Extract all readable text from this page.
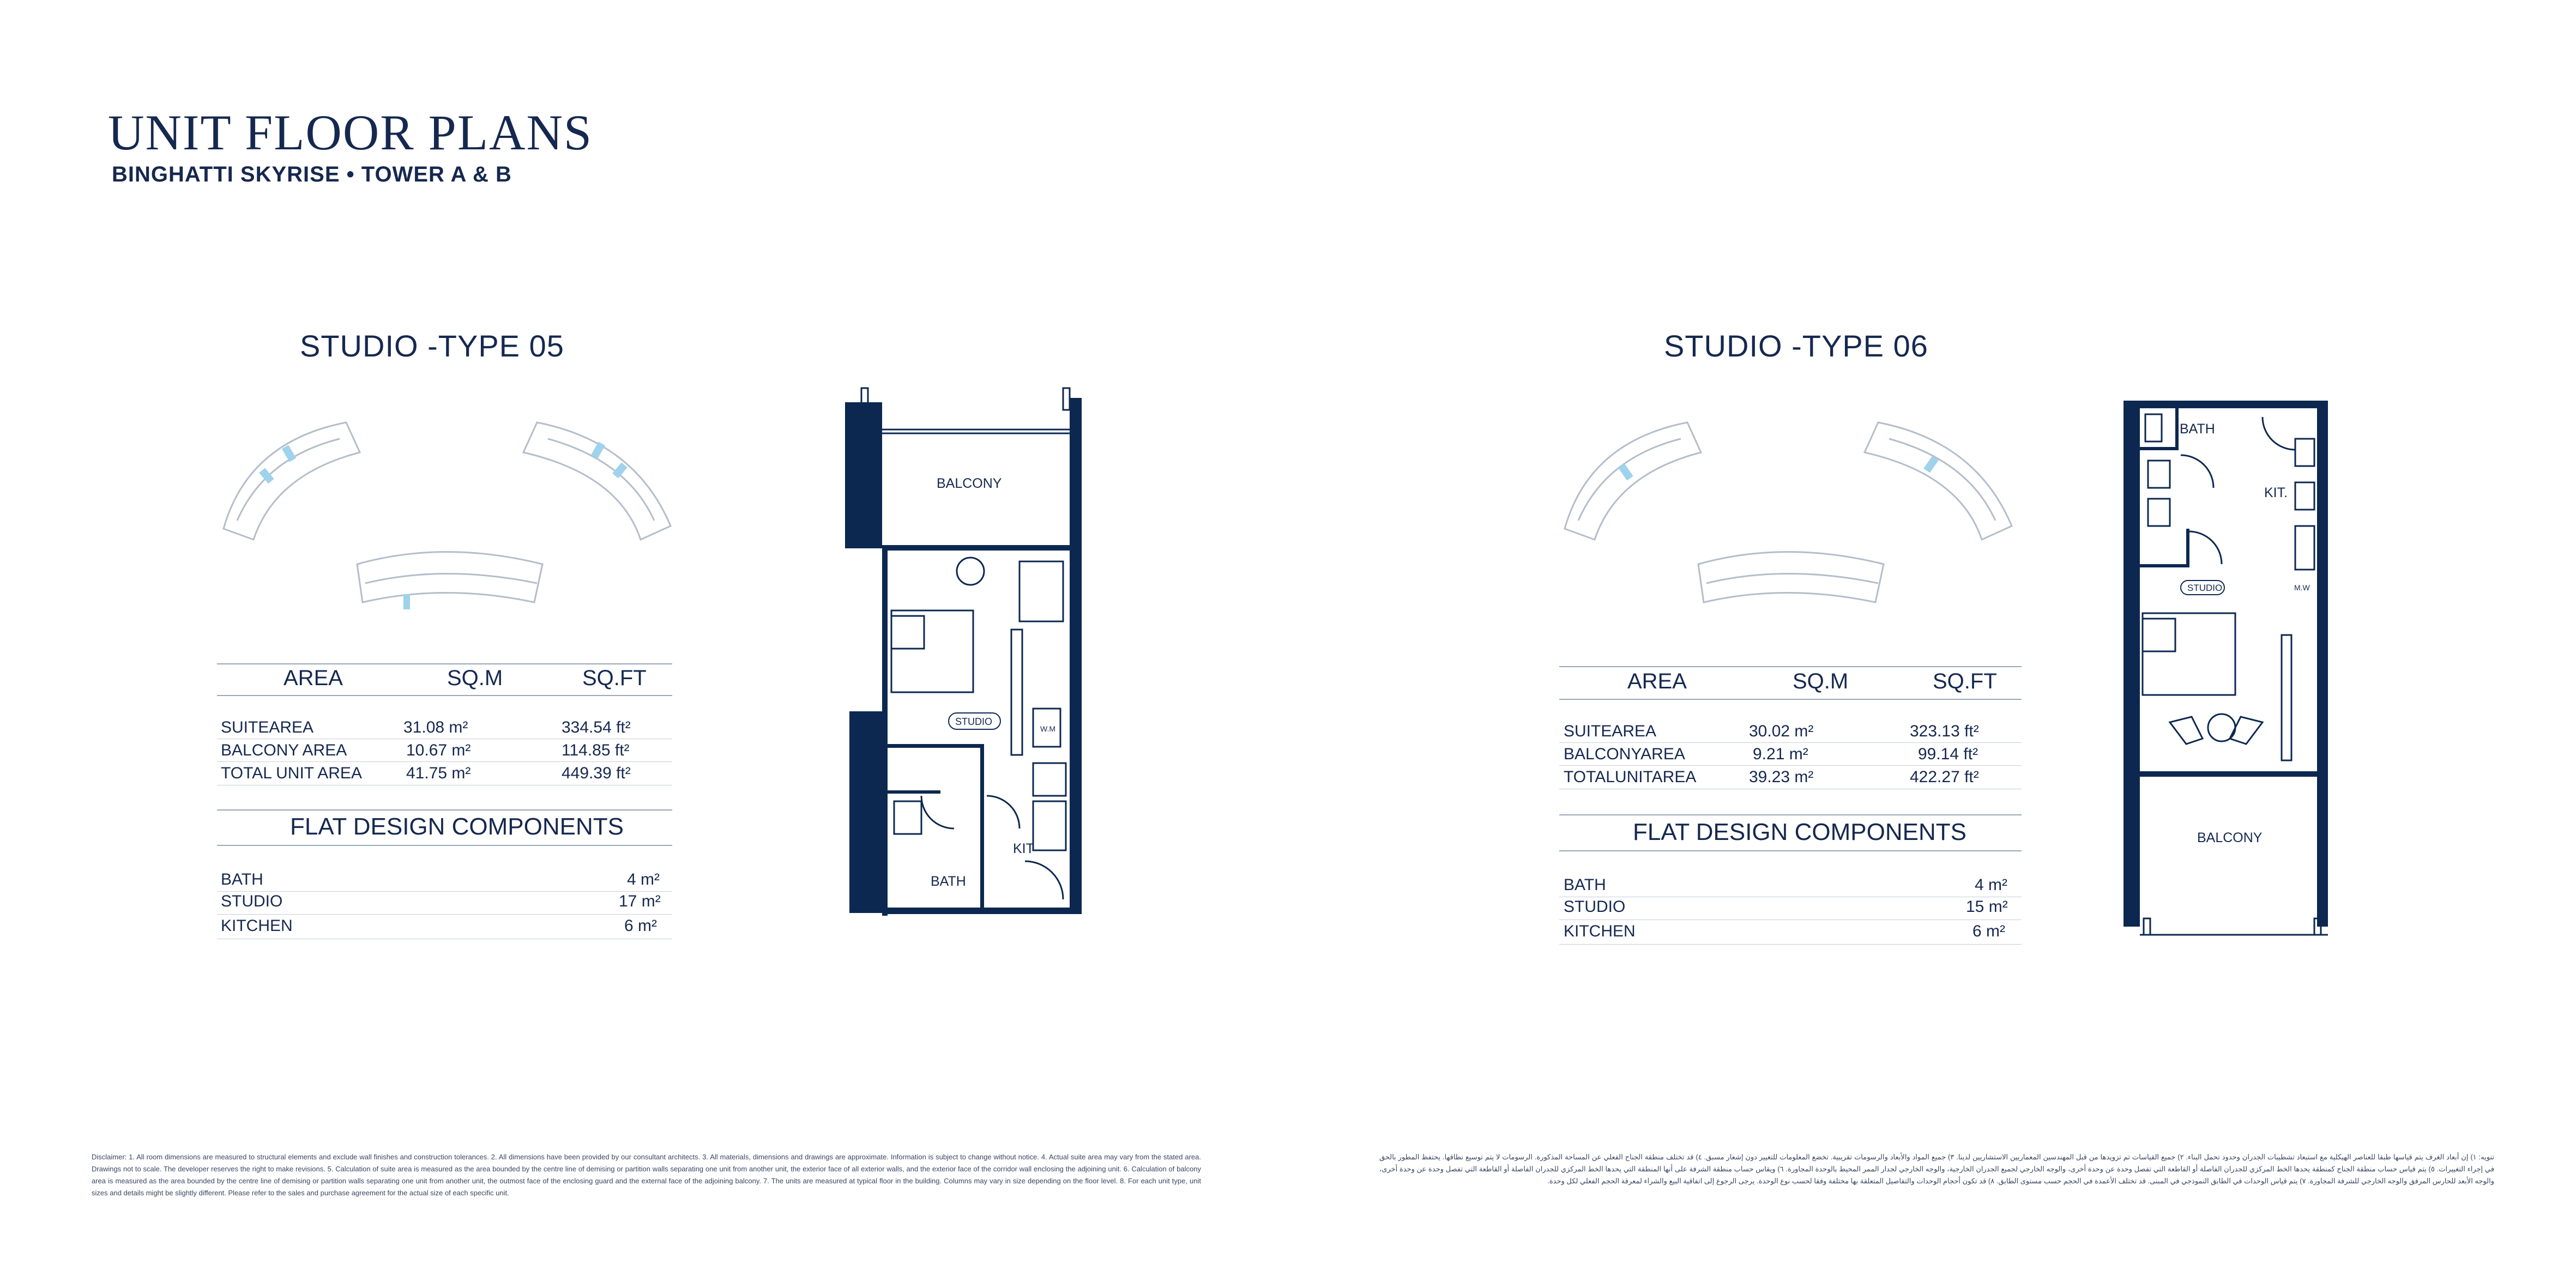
UNIT FLOOR PLANS
BINGHATTI SKYRISE • TOWER A & B
STUDIO -TYPE 05
AREA	SQ.M	SQ.FT
SUITEAREA	31.08 m²	334.54 ft²
BALCONY AREA	10.67 m²	114.85 ft²
TOTAL UNIT AREA	41.75 m²	449.39 ft²
FLAT DESIGN COMPONENTS
BATH	4 m²
STUDIO	17 m²
KITCHEN	6 m²
BALCONY
STUDIO
BATH
KIT
W.M
STUDIO -TYPE 06
AREA	SQ.M	SQ.FT
SUITEAREA	30.02 m²	323.13 ft²
BALCONYAREA	9.21 m²	99.14 ft²
TOTALUNITAREA	39.23 m²	422.27 ft²
FLAT DESIGN COMPONENTS
BATH	4 m²
STUDIO	15 m²
KITCHEN	6 m²
BALCONY
STUDIO
BATH
KIT.
M.W
Disclaimer: 1. All room dimensions are measured to structural elements and exclude wall finishes and construction tolerances. 2. All dimensions have been provided by our consultant architects. 3. All materials, dimensions and drawings are approximate. Information is subject to change without notice. 4. Actual suite area may vary from the stated area. Drawings not to scale. The developer reserves the right to make revisions. 5. Calculation of suite area is measured as the area bounded by the centre line of demising or partition walls separating one unit from another unit, the exterior face of all exterior walls, and the exterior face of the corridor wall enclosing the adjoining unit. 6. Calculation of balcony area is measured as the area bounded by the centre line of demising or partition walls separating one unit from another unit, the outmost face of the enclosing guard and the external face of the adjoining balcony. 7. The units are measured at typical floor in the building. Columns may vary in size depending on the floor level. 8. For each unit type, unit sizes and details might be slightly different. Please refer to the sales and purchase agreement for the actual size of each specific unit.
تنويه: ١) إن أبعاد الغرف يتم قياسها طبقا للعناصر الهيكلية مع استبعاد تشطيبات الجدران وحدود تحمل البناء. ٢) جميع القياسات تم تزويدها من قبل المهندسين المعماريين الاستشاريين لدينا. ٣) جميع المواد والأبعاد والرسومات تقريبية. تخضع المعلومات للتغيير دون إشعار مسبق. ٤) قد تختلف منطقة الجناح الفعلي عن المساحة المذكورة. الرسومات لا يتم توسيع نطاقها. يحتفظ المطور بالحق في إجراء التغييرات. ٥) يتم قياس حساب منطقة الجناح كمنطقة يحدها الخط المركزي للجدران الفاصلة أو القاطعة التي تفصل وحدة عن وحدة أخرى، والوجه الخارجي لجميع الجدران الخارجية، والوجه الخارجي لجدار الممر المحيط بالوحدة المجاورة. ٦) ويقاس حساب منطقة الشرفة على أنها المنطقة التي يحدها الخط المركزي للجدران الفاصلة أو القاطعة التي تفصل وحدة عن وحدة أخرى، والوجه الأبعد للحارس المرفق والوجه الخارجي للشرفة المجاورة. ٧) يتم قياس الوحدات في الطابق النموذجي في المبنى. قد تختلف الأعمدة في الحجم حسب مستوى الطابق. ٨) قد تكون أحجام الوحدات والتفاصيل المتعلقة بها مختلفة وفقا لحسب نوع الوحدة. يرجى الرجوع إلى اتفاقية البيع والشراء لمعرفة الحجم الفعلي لكل وحدة.
